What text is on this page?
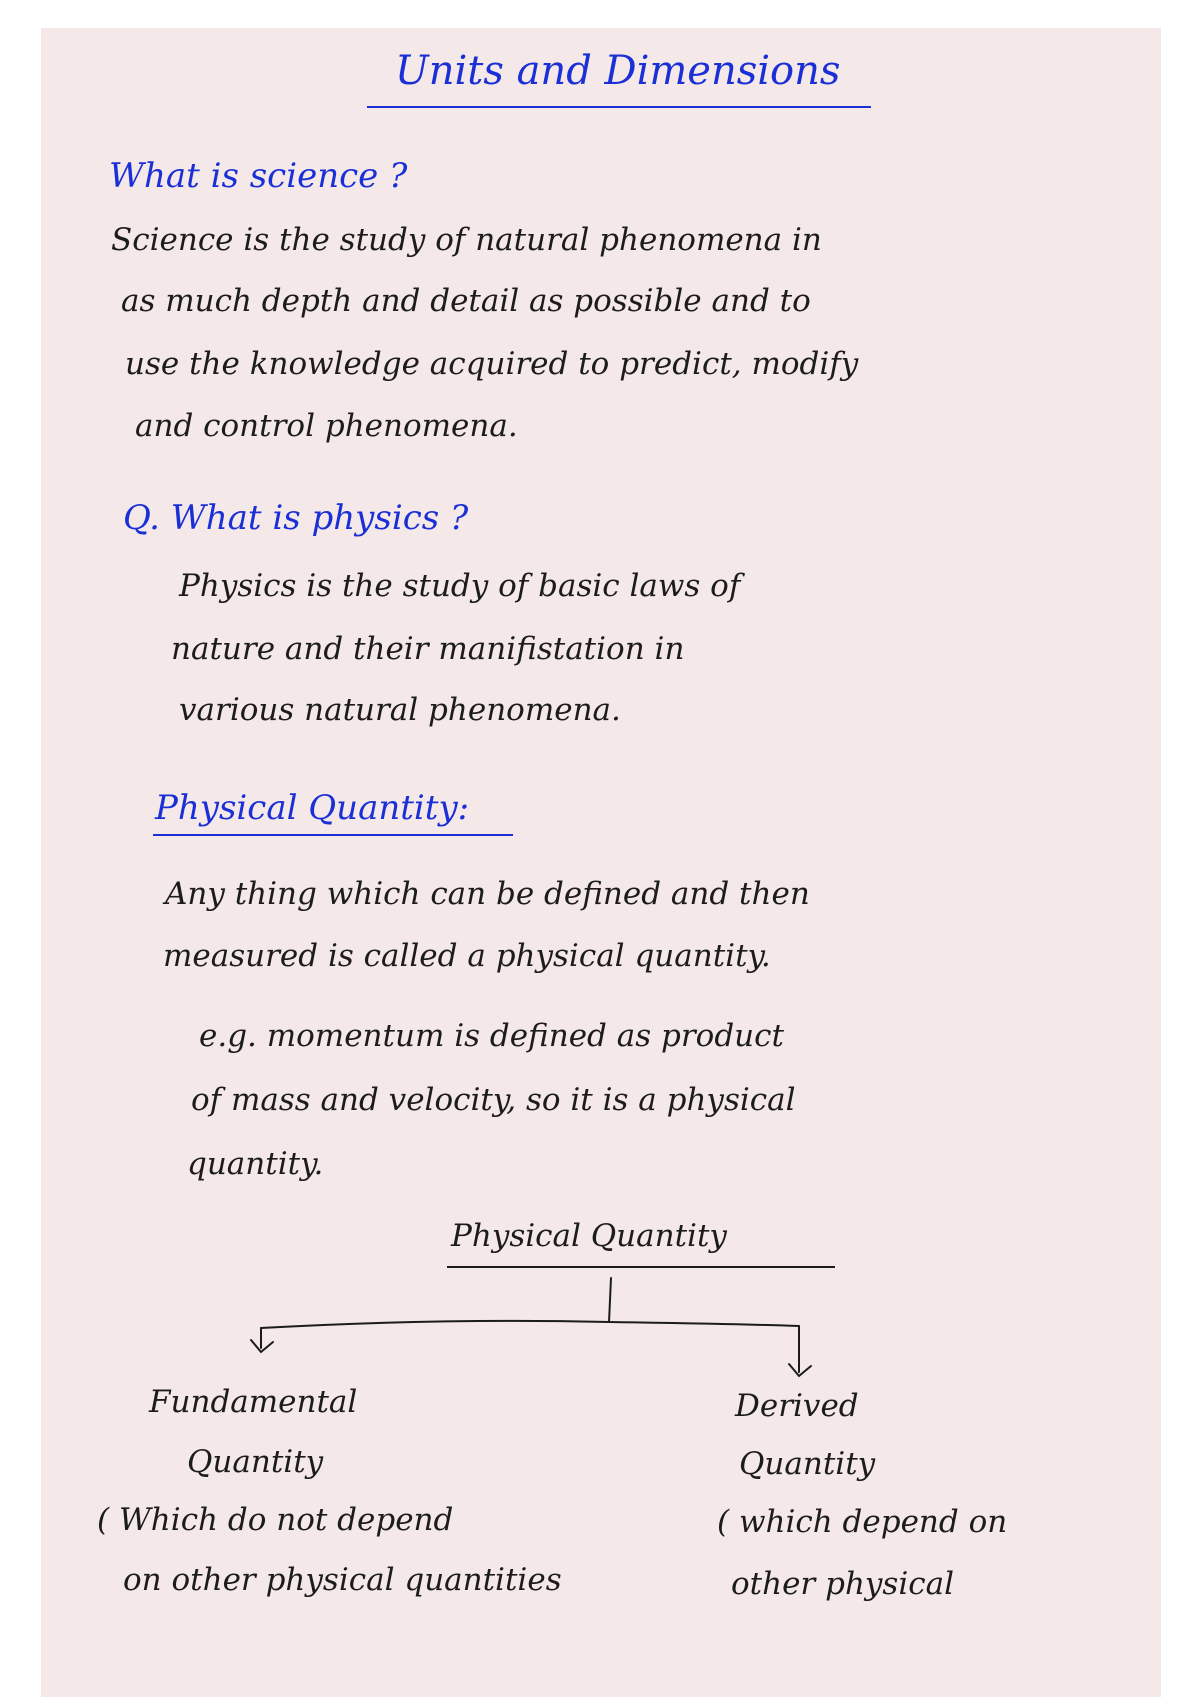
Units and Dimensions

What is science ?

Science is the study of natural phenomena in

as much depth and detail as possible and to

use the knowledge acquired to predict, modify

and control phenomena.

Q. What is physics ?

Physics is the study of basic laws of

nature and their manifistation in

various natural phenomena.

Physical Quantity:

Any thing which can be defined and then

measured is called a physical quantity.

e.g. momentum is defined as product

of mass and velocity, so it is a physical

quantity.

Physical Quantity

Fundamental

Quantity

( Which do not depend

on other physical quantities

Derived

Quantity

( which depend on

other physical
